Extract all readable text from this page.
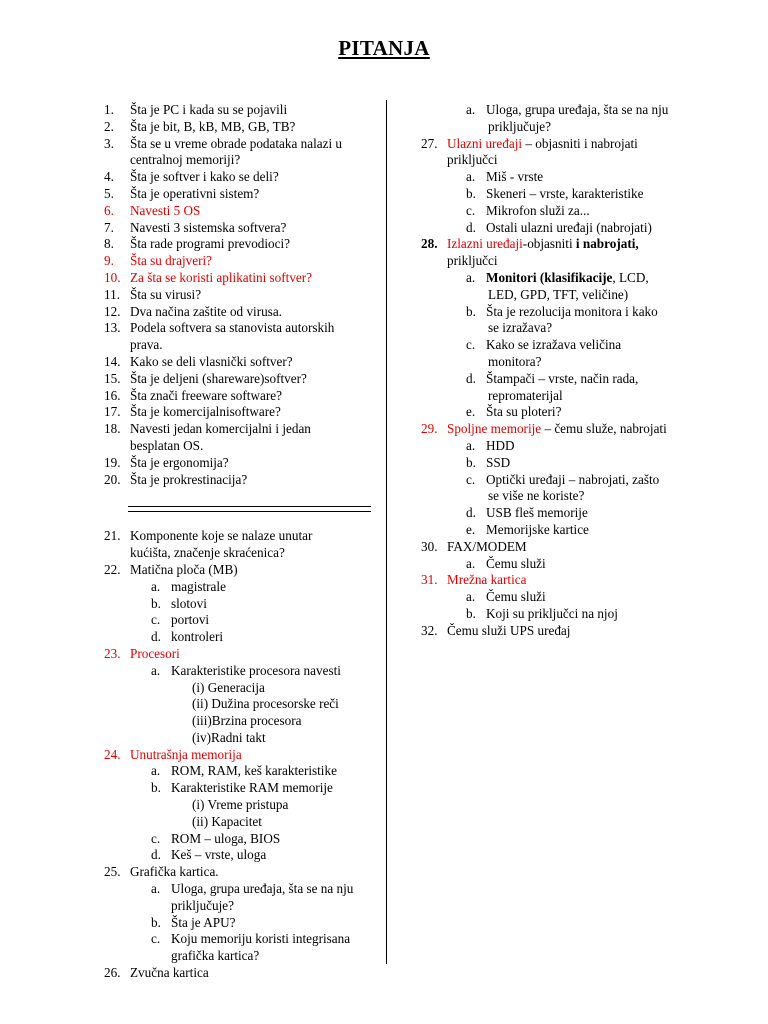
PITANJA
1.	Šta je PC i kada su se pojavili
2.	Šta je bit, B, kB, MB, GB, TB?
3.	Šta se u vreme obrade podataka nalazi u
centralnoj memoriji?
4.	Šta je softver i kako se deli?
5.	Šta je operativni sistem?
6.	Navesti 5 OS
7.	Navesti 3 sistemska softvera?
8.	Šta rade programi prevodioci?
9.	Šta su drajveri?
10. Za šta se koristi aplikatini softver?
11. Šta su virusi?
12. Dva načina zaštite od virusa.
13. Podela softvera sa stanovista autorskih
prava.
14. Kako se deli vlasnički softver?
15. Šta je deljeni (shareware)softver?
16. Šta znači freeware software?
17. Šta je komercijalnisoftware?
18. Navesti jedan komercijalni i jedan
besplatan OS.
19. Šta je ergonomija?
20. Šta je prokrestinacija?
21. Komponente koje se nalaze unutar
kućišta, značenje skraćenica?
22. Matična ploča (MB)
a. magistrale
b. slotovi
c. portovi
d. kontroleri
23. Procesori
a. Karakteristike procesora navesti
(i) Generacija
(ii) Dužina procesorske reči
(iii)Brzina procesora
(iv)Radni takt
24. Unutrašnja memorija
a. ROM, RAM, keš karakteristike
b. Karakteristike RAM memorije
(i) Vreme pristupa
(ii) Kapacitet
c. ROM – uloga, BIOS
d. Keš – vrste, uloga
25. Grafička kartica.
a. Uloga, grupa uređaja, šta se na nju
priključuje?
b. Šta je APU?
c. Koju memoriju koristi integrisana
grafička kartica?
26. Zvučna kartica
a. Uloga, grupa uređaja, šta se na nju
priključuje?
27. Ulazni uređaji – objasniti i nabrojati
priključci
a. Miš - vrste
b. Skeneri – vrste, karakteristike
c. Mikrofon služi za...
d. Ostali ulazni uređaji (nabrojati)
28. Izlazni uređaji-objasniti i nabrojati,
priključci
a. Monitori (klasifikacije, LCD,
LED, GPD, TFT, veličine)
b. Šta je rezolucija monitora i kako
se izražava?
c. Kako se izražava veličina
monitora?
d. Štampači – vrste, način rada,
repromaterijal
e. Šta su ploteri?
29. Spoljne memorije – čemu služe, nabrojati
a. HDD
b. SSD
c. Optički uređaji – nabrojati, zašto
se više ne koriste?
d. USB fleš memorije
e. Memorijske kartice
30. FAX/MODEM
a. Čemu služi
31. Mrežna kartica
a. Čemu služi
b. Koji su priključci na njoj
32. Čemu služi UPS uređaj
